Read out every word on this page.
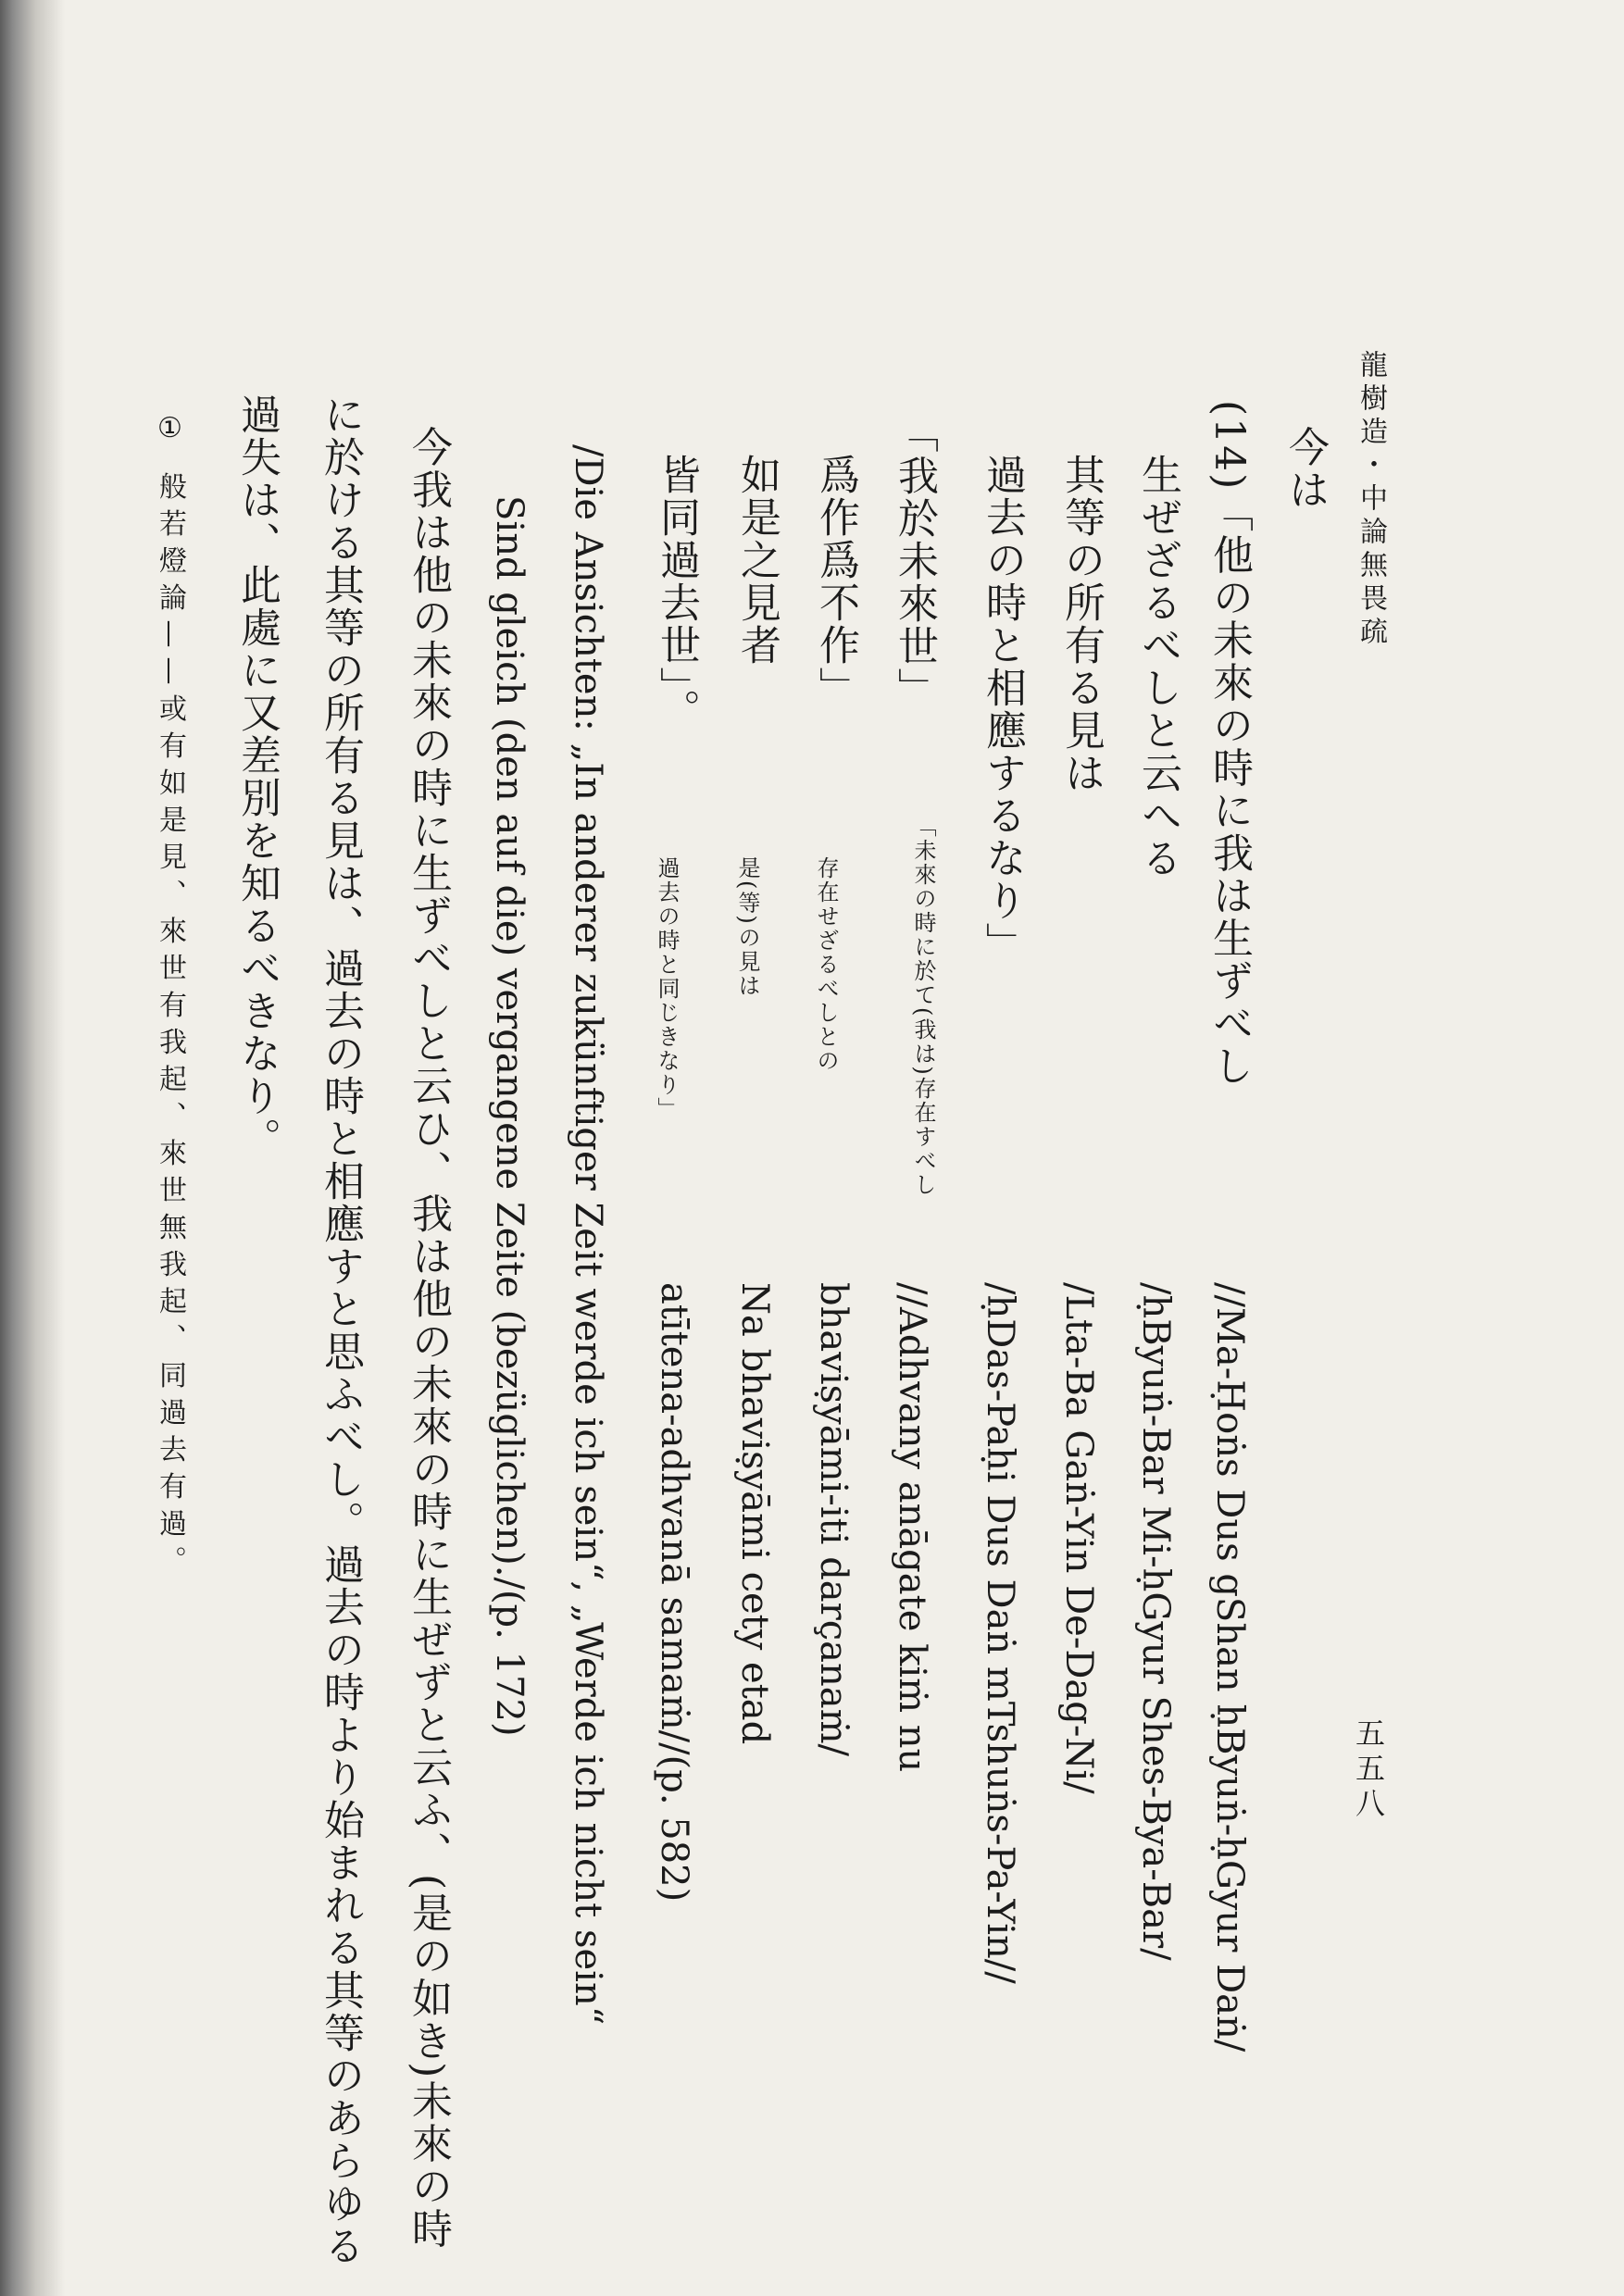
龍樹造・中論無畏疏
五五八
今は
(14)「他の未來の時に我は生ずべし
生ぜざるべしと云へる
其等の所有る見は
過去の時と相應するなり」
//Ma-Ḥoṅs Dus gShan ḥByuṅ-ḥGyur Daṅ/
/ḥByuṅ-Bar Mi-ḥGyur Shes-Bya-Bar/
/Lta-Ba Gaṅ-Yin De-Dag-Ni/
/ḥDas-Paḥi Dus Daṅ mTshuṅs-Pa-Yin//
「我於未來世」
爲作爲不作」
如是之見者
皆同過去世」。
「未來の時に於て(我は)存在すべし
存在せざるべしとの
是(等)の見は
過去の時と同じきなり」
//Adhvany anāgate kiṁ nu
bhaviṣyāmi-iti darçanaṁ/
Na bhaviṣyāmi cety etad
atītena-adhvanā samaṁ//(p. 582)
/Die Ansichten: „In anderer zukünftiger Zeit werde ich sein“, „Werde ich nicht sein“
Sind gleich (den auf die) vergangene Zeite (bezüglichen)./(p. 172)
今我は他の未來の時に生ずべしと云ひ、我は他の未來の時に生ぜずと云ふ、(是の如き)未來の時
に於ける其等の所有る見は、過去の時と相應すと思ふべし。過去の時より始まれる其等のあらゆる
過失は、此處に又差別を知るべきなり。
① 般若燈論——或有如是見、來世有我起、來世無我起、同過去有過。
